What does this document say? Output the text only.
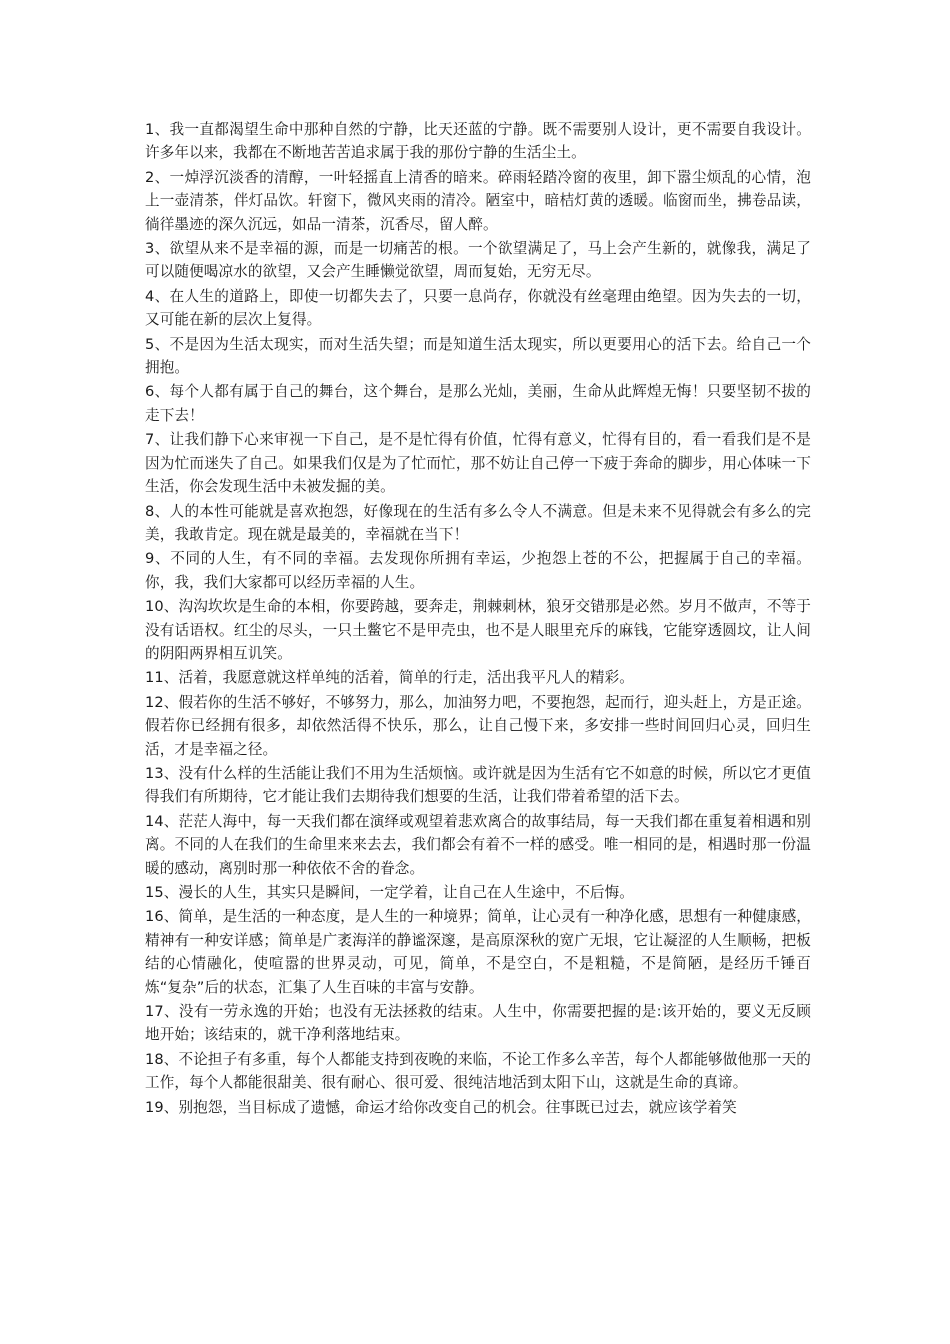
1、我一直都渴望生命中那种自然的宁静，比天还蓝的宁静。既不需要别人设计，更不需要自我设计。许多年以来，我都在不断地苦苦追求属于我的那份宁静的生活尘土。

2、一焯浮沉淡香的清醇，一叶轻摇直上清香的暗来。碎雨轻踏冷窗的夜里，卸下嚣尘烦乱的心情，泡上一壶清茶，伴灯品饮。轩窗下，微风夹雨的清冷。陋室中，暗桔灯黄的透暖。临窗而坐，拂卷品读，徜徉墨迹的深久沉远，如品一清茶，沉香尽，留人醉。

3、欲望从来不是幸福的源，而是一切痛苦的根。一个欲望满足了，马上会产生新的，就像我，满足了可以随便喝凉水的欲望，又会产生睡懒觉欲望，周而复始，无穷无尽。

4、在人生的道路上，即使一切都失去了，只要一息尚存，你就没有丝毫理由绝望。因为失去的一切，又可能在新的层次上复得。

5、不是因为生活太现实，而对生活失望；而是知道生活太现实，所以更要用心的活下去。给自己一个拥抱。

6、每个人都有属于自己的舞台，这个舞台，是那么光灿，美丽，生命从此辉煌无悔！只要坚韧不拔的走下去！

7、让我们静下心来审视一下自己，是不是忙得有价值，忙得有意义，忙得有目的，看一看我们是不是因为忙而迷失了自己。如果我们仅是为了忙而忙，那不妨让自己停一下疲于奔命的脚步，用心体味一下生活，你会发现生活中未被发掘的美。

8、人的本性可能就是喜欢抱怨，好像现在的生活有多么令人不满意。但是未来不见得就会有多么的完美，我敢肯定。现在就是最美的，幸福就在当下！

9、不同的人生，有不同的幸福。去发现你所拥有幸运，少抱怨上苍的不公，把握属于自己的幸福。你，我，我们大家都可以经历幸福的人生。

10、沟沟坎坎是生命的本相，你要跨越，要奔走，荆棘刺林，狼牙交错那是必然。岁月不做声，不等于没有话语权。红尘的尽头，一只土鳖它不是甲壳虫，也不是人眼里充斥的麻钱，它能穿透圆坟，让人间的阴阳两界相互讥笑。

11、活着，我愿意就这样单纯的活着，简单的行走，活出我平凡人的精彩。

12、假若你的生活不够好，不够努力，那么，加油努力吧，不要抱怨，起而行，迎头赶上，方是正途。假若你已经拥有很多，却依然活得不快乐，那么，让自己慢下来，多安排一些时间回归心灵，回归生活，才是幸福之径。

13、没有什么样的生活能让我们不用为生活烦恼。或许就是因为生活有它不如意的时候，所以它才更值得我们有所期待，它才能让我们去期待我们想要的生活，让我们带着希望的活下去。

14、茫茫人海中，每一天我们都在演绎或观望着悲欢离合的故事结局，每一天我们都在重复着相遇和别离。不同的人在我们的生命里来来去去，我们都会有着不一样的感受。唯一相同的是，相遇时那一份温暖的感动，离别时那一种依依不舍的眷念。

15、漫长的人生，其实只是瞬间，一定学着，让自己在人生途中，不后悔。

16、简单，是生活的一种态度，是人生的一种境界；简单，让心灵有一种净化感，思想有一种健康感，精神有一种安详感；简单是广袤海洋的静谧深邃，是高原深秋的宽广无垠，它让凝涩的人生顺畅，把板结的心情融化，使喧嚣的世界灵动，可见，简单，不是空白，不是粗糙，不是简陋，是经历千锤百炼“复杂”后的状态，汇集了人生百味的丰富与安静。

17、没有一劳永逸的开始；也没有无法拯救的结束。人生中，你需要把握的是:该开始的，要义无反顾地开始；该结束的，就干净利落地结束。

18、不论担子有多重，每个人都能支持到夜晚的来临，不论工作多么辛苦，每个人都能够做他那一天的工作，每个人都能很甜美、很有耐心、很可爱、很纯洁地活到太阳下山，这就是生命的真谛。

19、别抱怨，当目标成了遗憾，命运才给你改变自己的机会。往事既已过去，就应该学着笑
